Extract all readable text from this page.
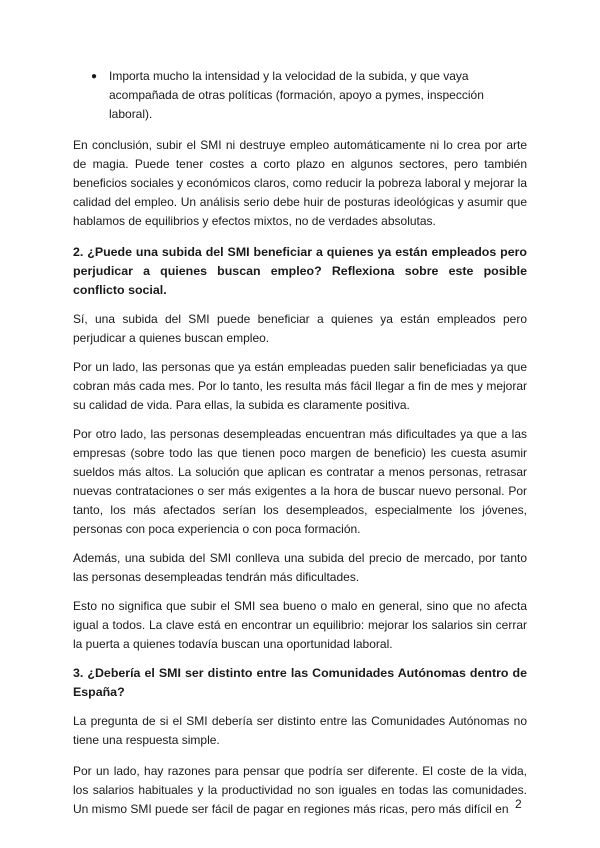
● Importa mucho la intensidad y la velocidad de la subida, y que vaya acompañada de otras políticas (formación, apoyo a pymes, inspección laboral).

En conclusión, subir el SMI ni destruye empleo automáticamente ni lo crea por arte de magia. Puede tener costes a corto plazo en algunos sectores, pero también beneficios sociales y económicos claros, como reducir la pobreza laboral y mejorar la calidad del empleo. Un análisis serio debe huir de posturas ideológicas y asumir que hablamos de equilibrios y efectos mixtos, no de verdades absolutas.

2. ¿Puede una subida del SMI beneficiar a quienes ya están empleados pero perjudicar a quienes buscan empleo? Reflexiona sobre este posible conflicto social.

Sí, una subida del SMI puede beneficiar a quienes ya están empleados pero perjudicar a quienes buscan empleo.

Por un lado, las personas que ya están empleadas pueden salir beneficiadas ya que cobran más cada mes. Por lo tanto, les resulta más fácil llegar a fin de mes y mejorar su calidad de vida. Para ellas, la subida es claramente positiva.

Por otro lado, las personas desempleadas encuentran más dificultades ya que a las empresas (sobre todo las que tienen poco margen de beneficio) les cuesta asumir sueldos más altos. La solución que aplican es contratar a menos personas, retrasar nuevas contrataciones o ser más exigentes a la hora de buscar nuevo personal. Por tanto, los más afectados serían los desempleados, especialmente los jóvenes, personas con poca experiencia o con poca formación.

Además, una subida del SMI conlleva una subida del precio de mercado, por tanto las personas desempleadas tendrán más dificultades.

Esto no significa que subir el SMI sea bueno o malo en general, sino que no afecta igual a todos. La clave está en encontrar un equilibrio: mejorar los salarios sin cerrar la puerta a quienes todavía buscan una oportunidad laboral.

3. ¿Debería el SMI ser distinto entre las Comunidades Autónomas dentro de España?

La pregunta de si el SMI debería ser distinto entre las Comunidades Autónomas no tiene una respuesta simple.

Por un lado, hay razones para pensar que podría ser diferente. El coste de la vida, los salarios habituales y la productividad no son iguales en todas las comunidades. Un mismo SMI puede ser fácil de pagar en regiones más ricas, pero más difícil en 2
